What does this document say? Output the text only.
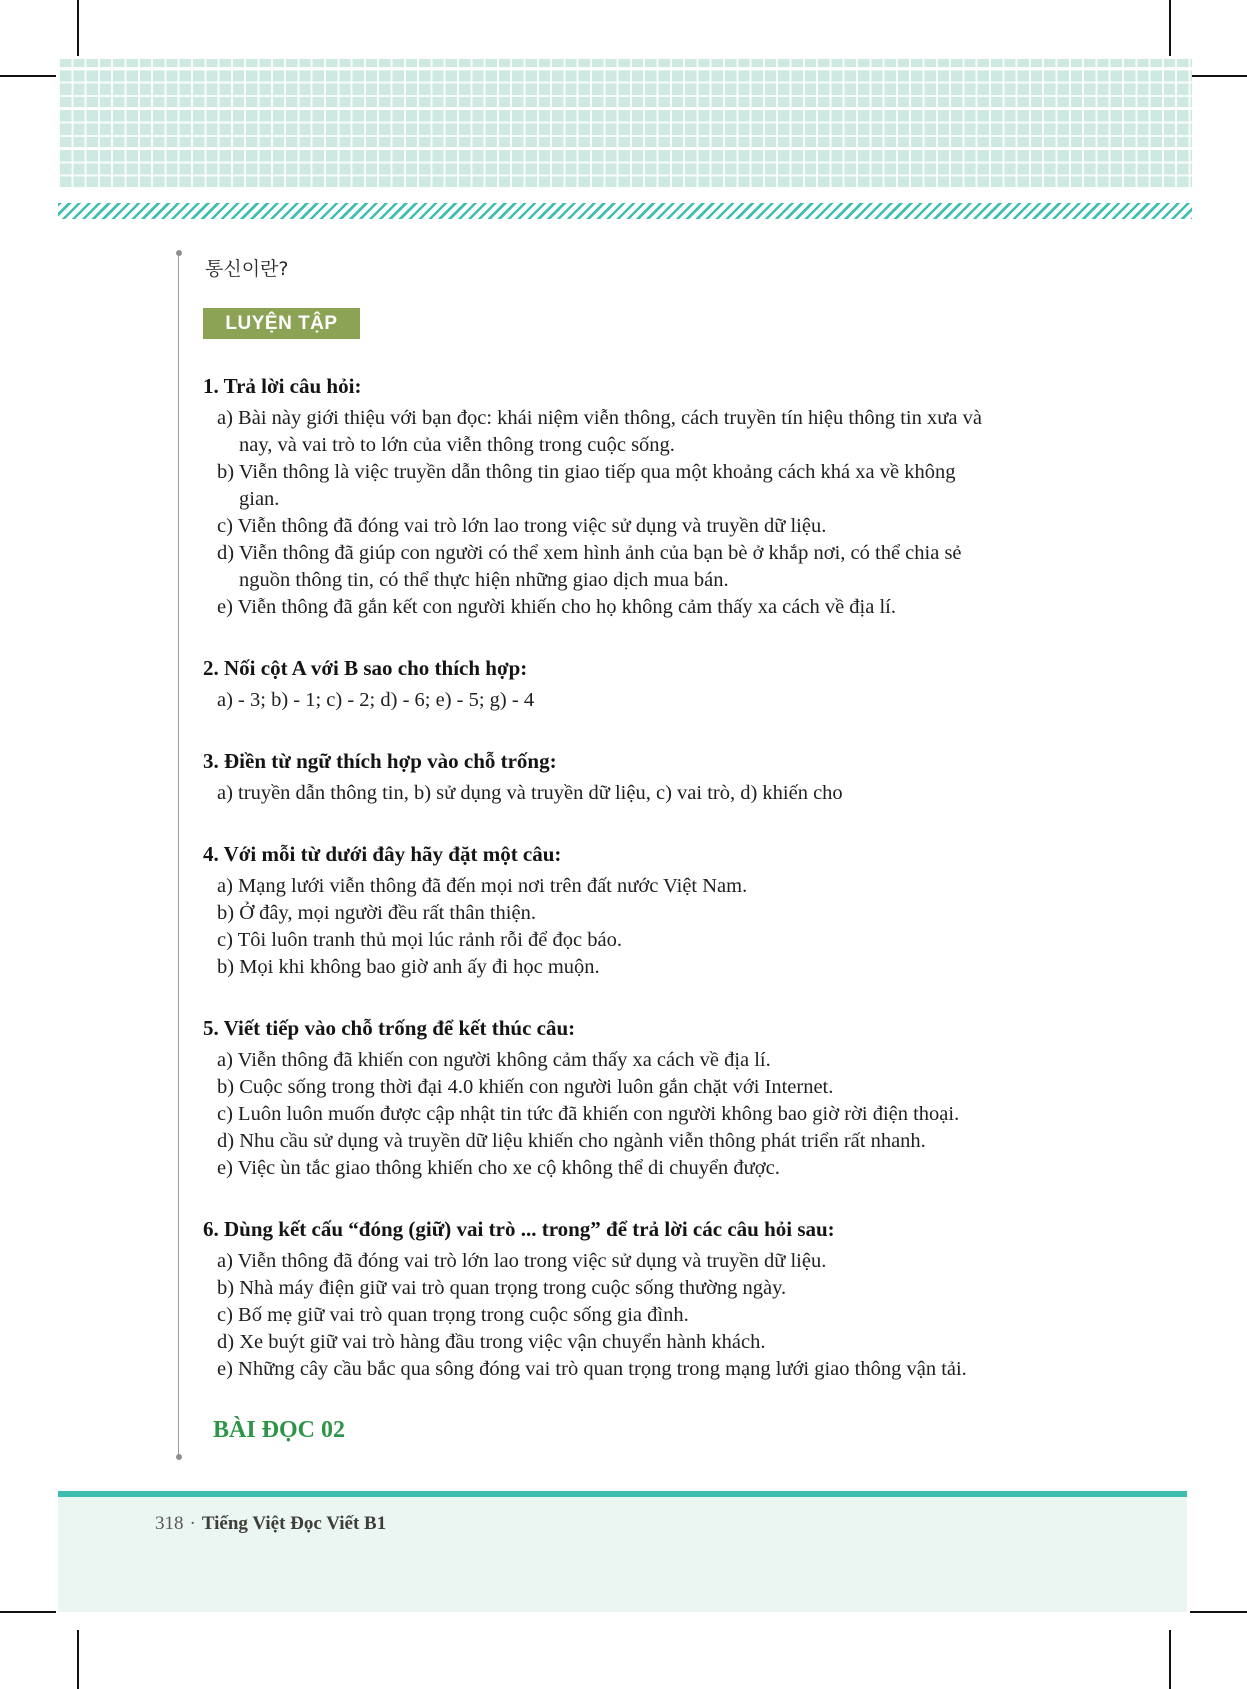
통신이란?
LUYỆN TẬP
1. Trả lời câu hỏi:

a) Bài này giới thiệu với bạn đọc: khái niệm viễn thông, cách truyền tín hiệu thông tin xưa và nay, và vai trò to lớn của viễn thông trong cuộc sống.

b) Viễn thông là việc truyền dẫn thông tin giao tiếp qua một khoảng cách khá xa về không gian.

c) Viễn thông đã đóng vai trò lớn lao trong việc sử dụng và truyền dữ liệu.

d) Viễn thông đã giúp con người có thể xem hình ảnh của bạn bè ở khắp nơi, có thể chia sẻ nguồn thông tin, có thể thực hiện những giao dịch mua bán.

e) Viễn thông đã gắn kết con người khiến cho họ không cảm thấy xa cách về địa lí.

2. Nối cột A với B sao cho thích hợp:

a) - 3; b) - 1; c) - 2; d) - 6; e) - 5; g) - 4

3. Điền từ ngữ thích hợp vào chỗ trống:

a) truyền dẫn thông tin, b) sử dụng và truyền dữ liệu, c) vai trò, d) khiến cho

4. Với mỗi từ dưới đây hãy đặt một câu:

a) Mạng lưới viễn thông đã đến mọi nơi trên đất nước Việt Nam.

b) Ở đây, mọi người đều rất thân thiện.

c) Tôi luôn tranh thủ mọi lúc rảnh rỗi để đọc báo.

b) Mọi khi không bao giờ anh ấy đi học muộn.

5. Viết tiếp vào chỗ trống để kết thúc câu:

a) Viễn thông đã khiến con người không cảm thấy xa cách về địa lí.

b) Cuộc sống trong thời đại 4.0 khiến con người luôn gắn chặt với Internet.

c) Luôn luôn muốn được cập nhật tin tức đã khiến con người không bao giờ rời điện thoại.

d) Nhu cầu sử dụng và truyền dữ liệu khiến cho ngành viễn thông phát triển rất nhanh.

e) Việc ùn tắc giao thông khiến cho xe cộ không thể di chuyển được.

6. Dùng kết cấu “đóng (giữ) vai trò ... trong” để trả lời các câu hỏi sau:

a) Viễn thông đã đóng vai trò lớn lao trong việc sử dụng và truyền dữ liệu.

b) Nhà máy điện giữ vai trò quan trọng trong cuộc sống thường ngày.

c) Bố mẹ giữ vai trò quan trọng trong cuộc sống gia đình.

d) Xe buýt giữ vai trò hàng đầu trong việc vận chuyển hành khách.

e) Những cây cầu bắc qua sông đóng vai trò quan trọng trong mạng lưới giao thông vận tải.

BÀI ĐỌC 02
318 · Tiếng Việt Đọc Viết B1
